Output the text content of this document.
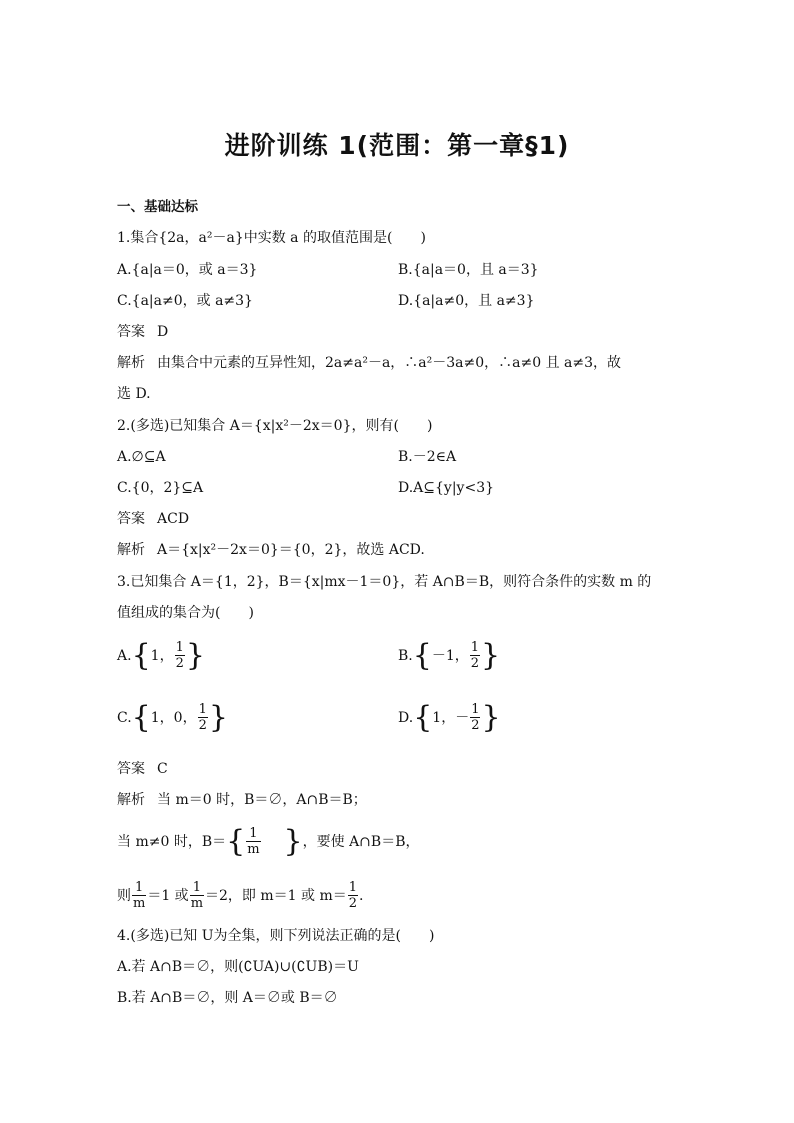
进阶训练 1(范围：第一章§1)
一、基础达标
1.集合{2a，a²－a}中实数 a 的取值范围是(　　)
A.{a|a＝0，或 a＝3}	B.{a|a＝0，且 a＝3}
C.{a|a≠0，或 a≠3}	D.{a|a≠0，且 a≠3}
答案 D
解析 由集合中元素的互异性知，2a≠a²－a，∴a²－3a≠0，∴a≠0 且 a≠3，故
选 D.
2.(多选)已知集合 A＝{x|x²－2x＝0}，则有(　　)
A.∅⊆A	B.－2∈A
C.{0，2}⊆A	D.A⊆{y|y<3}
答案 ACD
解析 A＝{x|x²－2x＝0}＝{0，2}，故选 ACD.
3.已知集合 A＝{1，2}，B＝{x|mx－1＝0}，若 A∩B＝B，则符合条件的实数 m 的
值组成的集合为(　　)
A. { 1， $\frac{1}{2}$ }	B. { －1， $\frac{1}{2}$ }
C. { 1，0， $\frac{1}{2}$ }	D. { 1，－ $\frac{1}{2}$ }
答案 C
解析 当 m＝0 时，B＝∅，A∩B＝B；
当 m≠0 时，B＝ { $\frac{1}{m}$ } ，要使 A∩B＝B，
则 $\frac{1}{m} =1$ 或 $\frac{1}{m} =2$，即 m＝1 或 $m= \frac{1}{2}$ .
4.(多选)已知 U为全集，则下列说法正确的是(　　)
A.若 A∩B＝∅，则(∁UA)∪(∁UB)＝U
B.若 A∩B＝∅，则 A＝∅或 B＝∅
